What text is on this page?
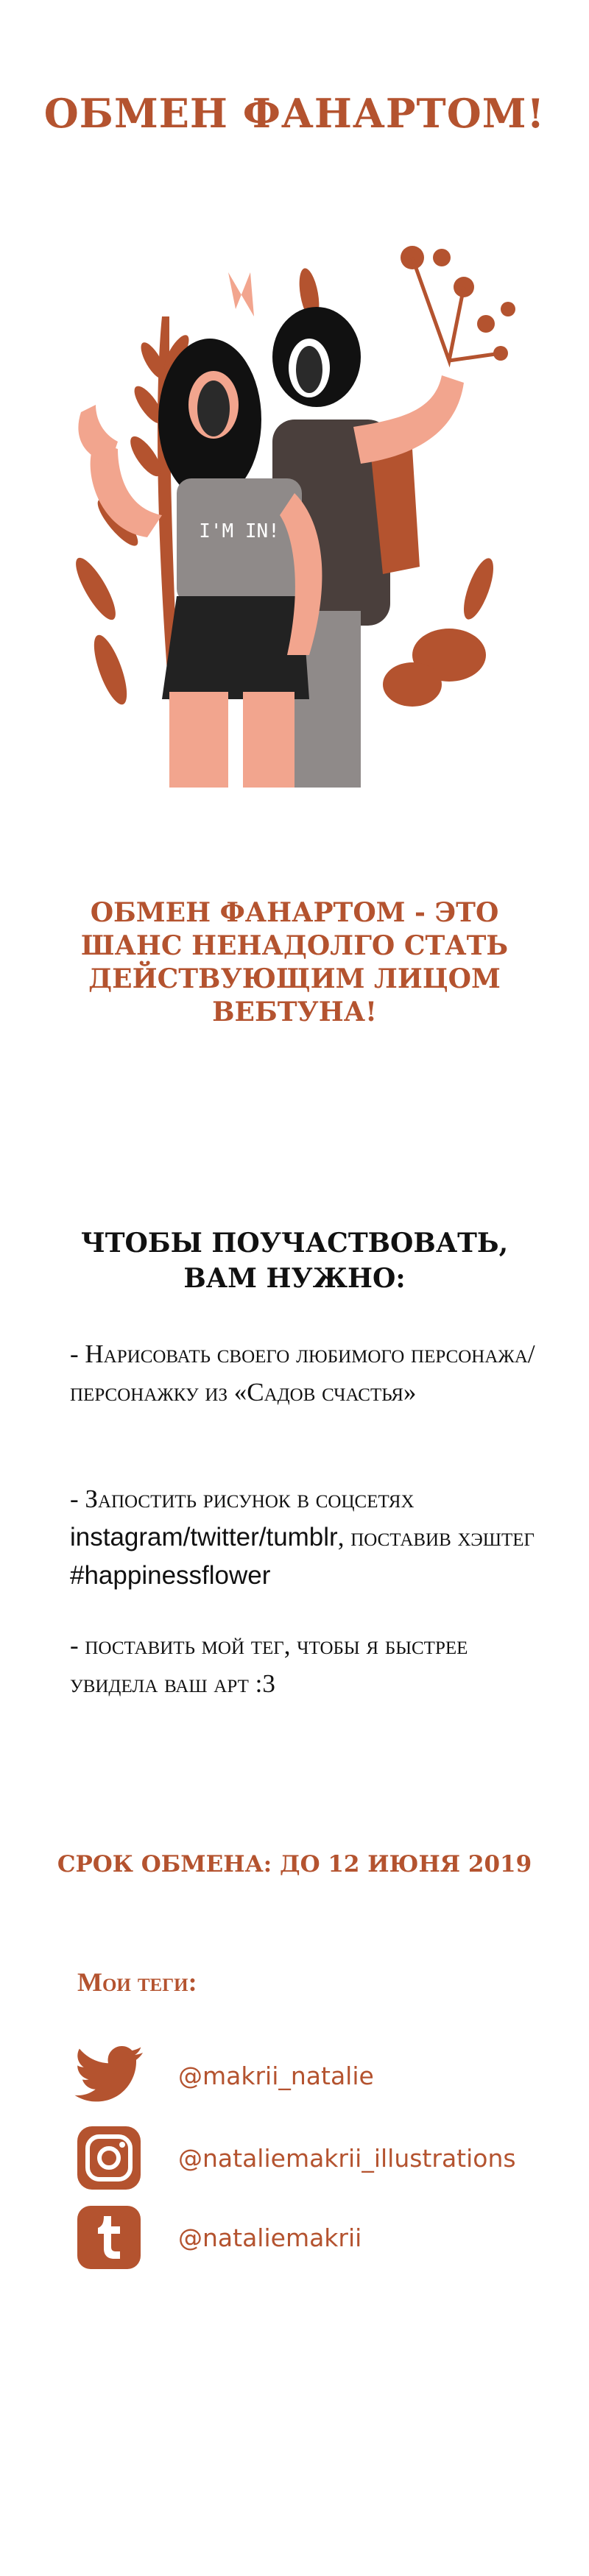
ОБМЕН ФАНАРТОМ!
I'M IN!
ОБМЕН ФАНАРТОМ - ЭТО ШАНС НЕНАДОЛГО СТАТЬ ДЕЙСТВУЮЩИМ ЛИЦОМ ВЕБТУНА!
ЧТОБЫ ПОУЧАСТВОВАТЬ, ВАМ НУЖНО:
- Нарисовать своего любимого персонажа/персонажку из «Садов счастья»
- Запостить рисунок в соцсетях instagram/twitter/tumblr, поставив хэштег #happinessflower
- поставить мой тег, чтобы я быстрее увидела ваш арт :3
СРОК ОБМЕНА: ДО 12 ИЮНЯ 2019
Мои теги:
@makrii_natalie
@nataliemakrii_illustrations
@nataliemakrii
